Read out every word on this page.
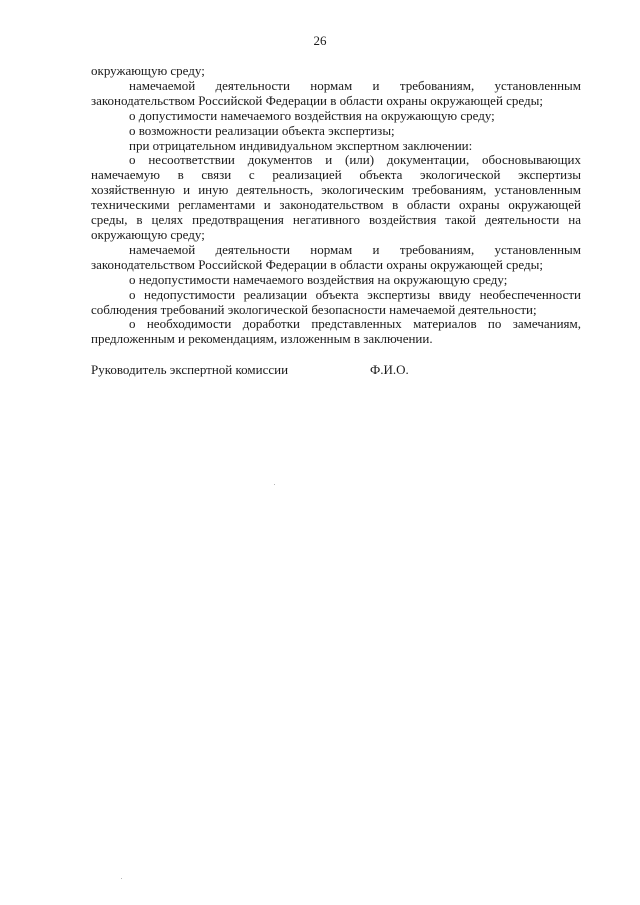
26

окружающую среду;

намечаемой деятельности нормам и требованиям, установленным

законодательством Российской Федерации в области охраны окружающей среды;

о допустимости намечаемого воздействия на окружающую среду;

о возможности реализации объекта экспертизы;

при отрицательном индивидуальном экспертном заключении:

о несоответствии документов и (или) документации, обосновывающих

намечаемую в связи с реализацией объекта экологической экспертизы

хозяйственную и иную деятельность, экологическим требованиям, установленным

техническими регламентами и законодательством в области охраны окружающей

среды, в целях предотвращения негативного воздействия такой деятельности на

окружающую среду;

намечаемой деятельности нормам и требованиям, установленным

законодательством Российской Федерации в области охраны окружающей среды;

о недопустимости намечаемого воздействия на окружающую среду;

о недопустимости реализации объекта экспертизы ввиду необеспеченности

соблюдения требований экологической безопасности намечаемой деятельности;

о необходимости доработки представленных материалов по замечаниям,

предложенным и рекомендациям, изложенным в заключении.

Руководитель экспертной комиссии	Ф.И.О.
